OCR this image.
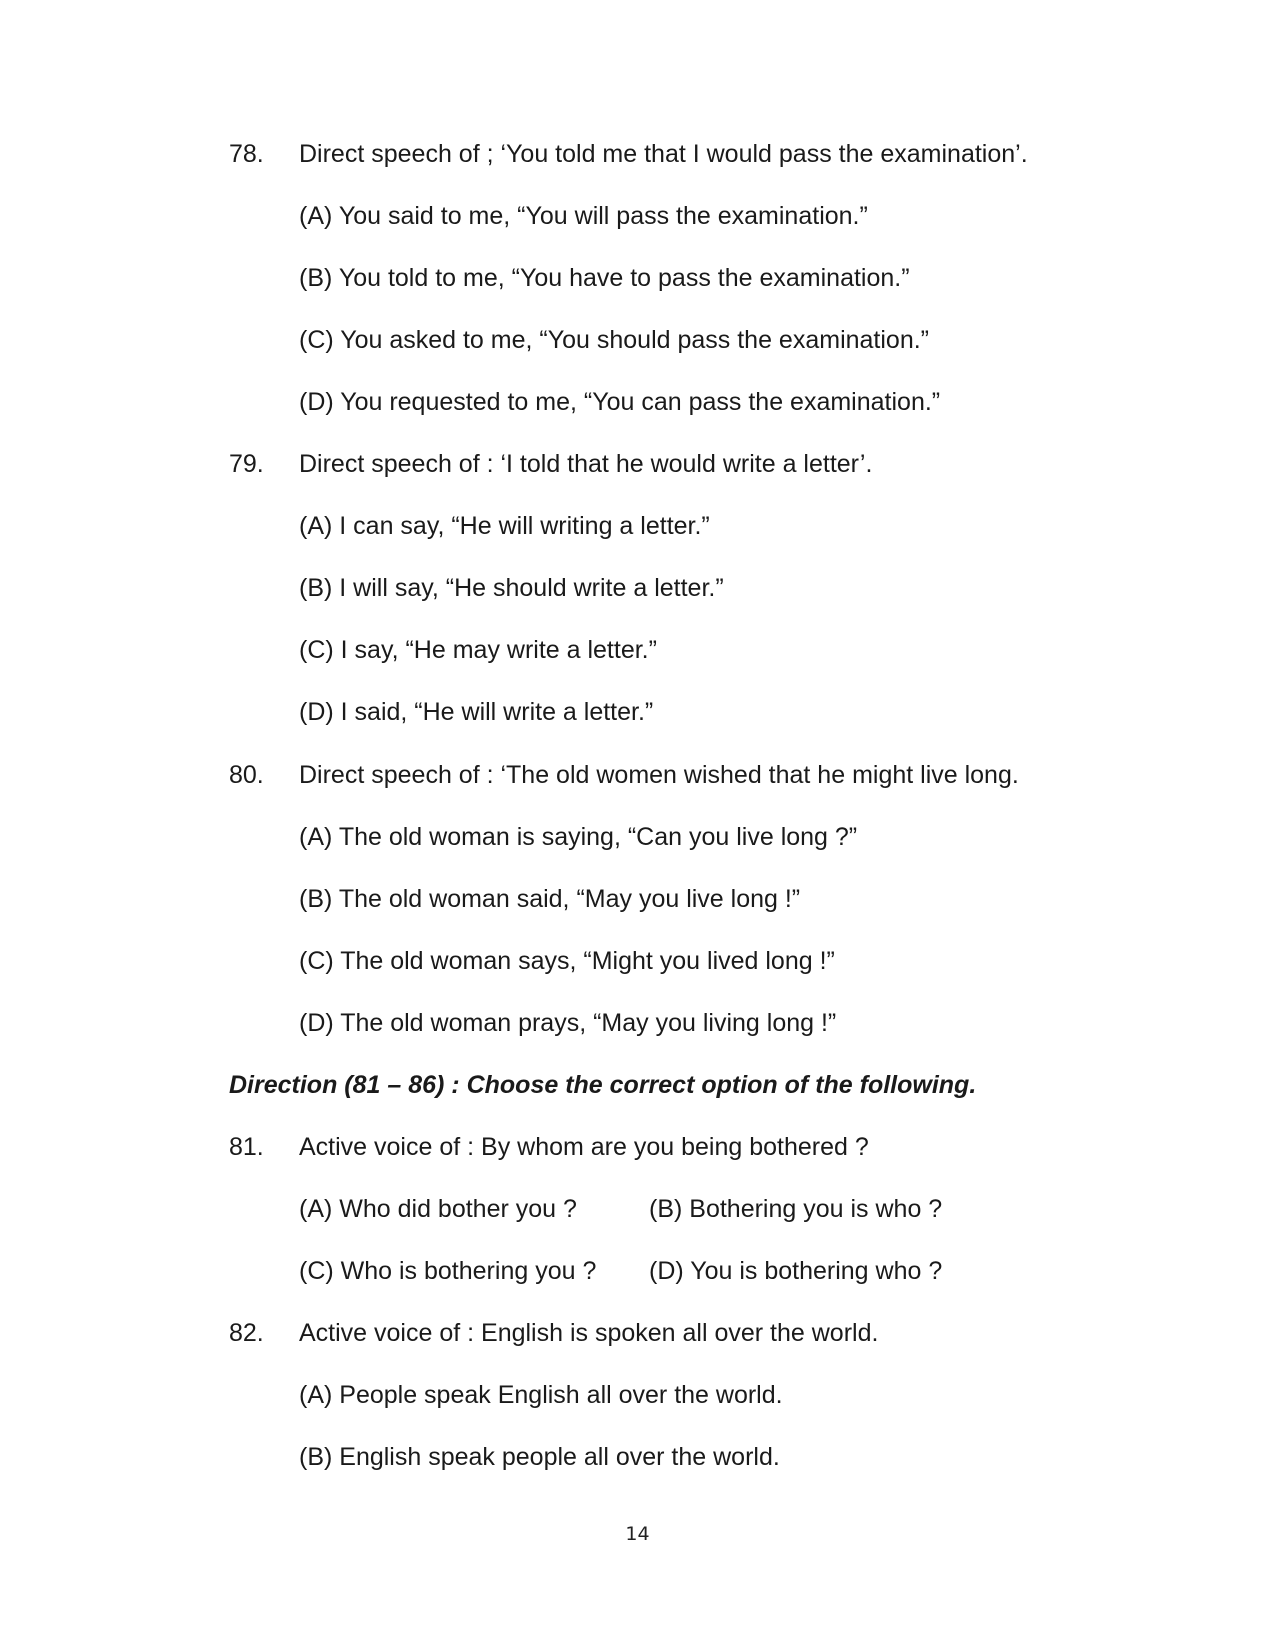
78. Direct speech of ; ‘You told me that I would pass the examination’.
(A) You said to me, “You will pass the examination.”
(B) You told to me, “You have to pass the examination.”
(C) You asked to me, “You should pass the examination.”
(D) You requested to me, “You can pass the examination.”
79. Direct speech of : ‘I told that he would write a letter’.
(A) I can say, “He will writing a letter.”
(B) I will say, “He should write a letter.”
(C) I say, “He may write a letter.”
(D) I said, “He will write a letter.”
80. Direct speech of : ‘The old women wished that he might live long.
(A) The old woman is saying, “Can you live long ?”
(B) The old woman said, “May you live long !”
(C) The old woman says, “Might you lived long !”
(D) The old woman prays, “May you living long !”
Direction (81 – 86) : Choose the correct option of the following.
81. Active voice of : By whom are you being bothered ?
(A) Who did bother you ?	(B) Bothering you is who ?
(C) Who is bothering you ? (D) You is bothering who ?
82. Active voice of : English is spoken all over the world.
(A) People speak English all over the world.
(B) English speak people all over the world.
14
